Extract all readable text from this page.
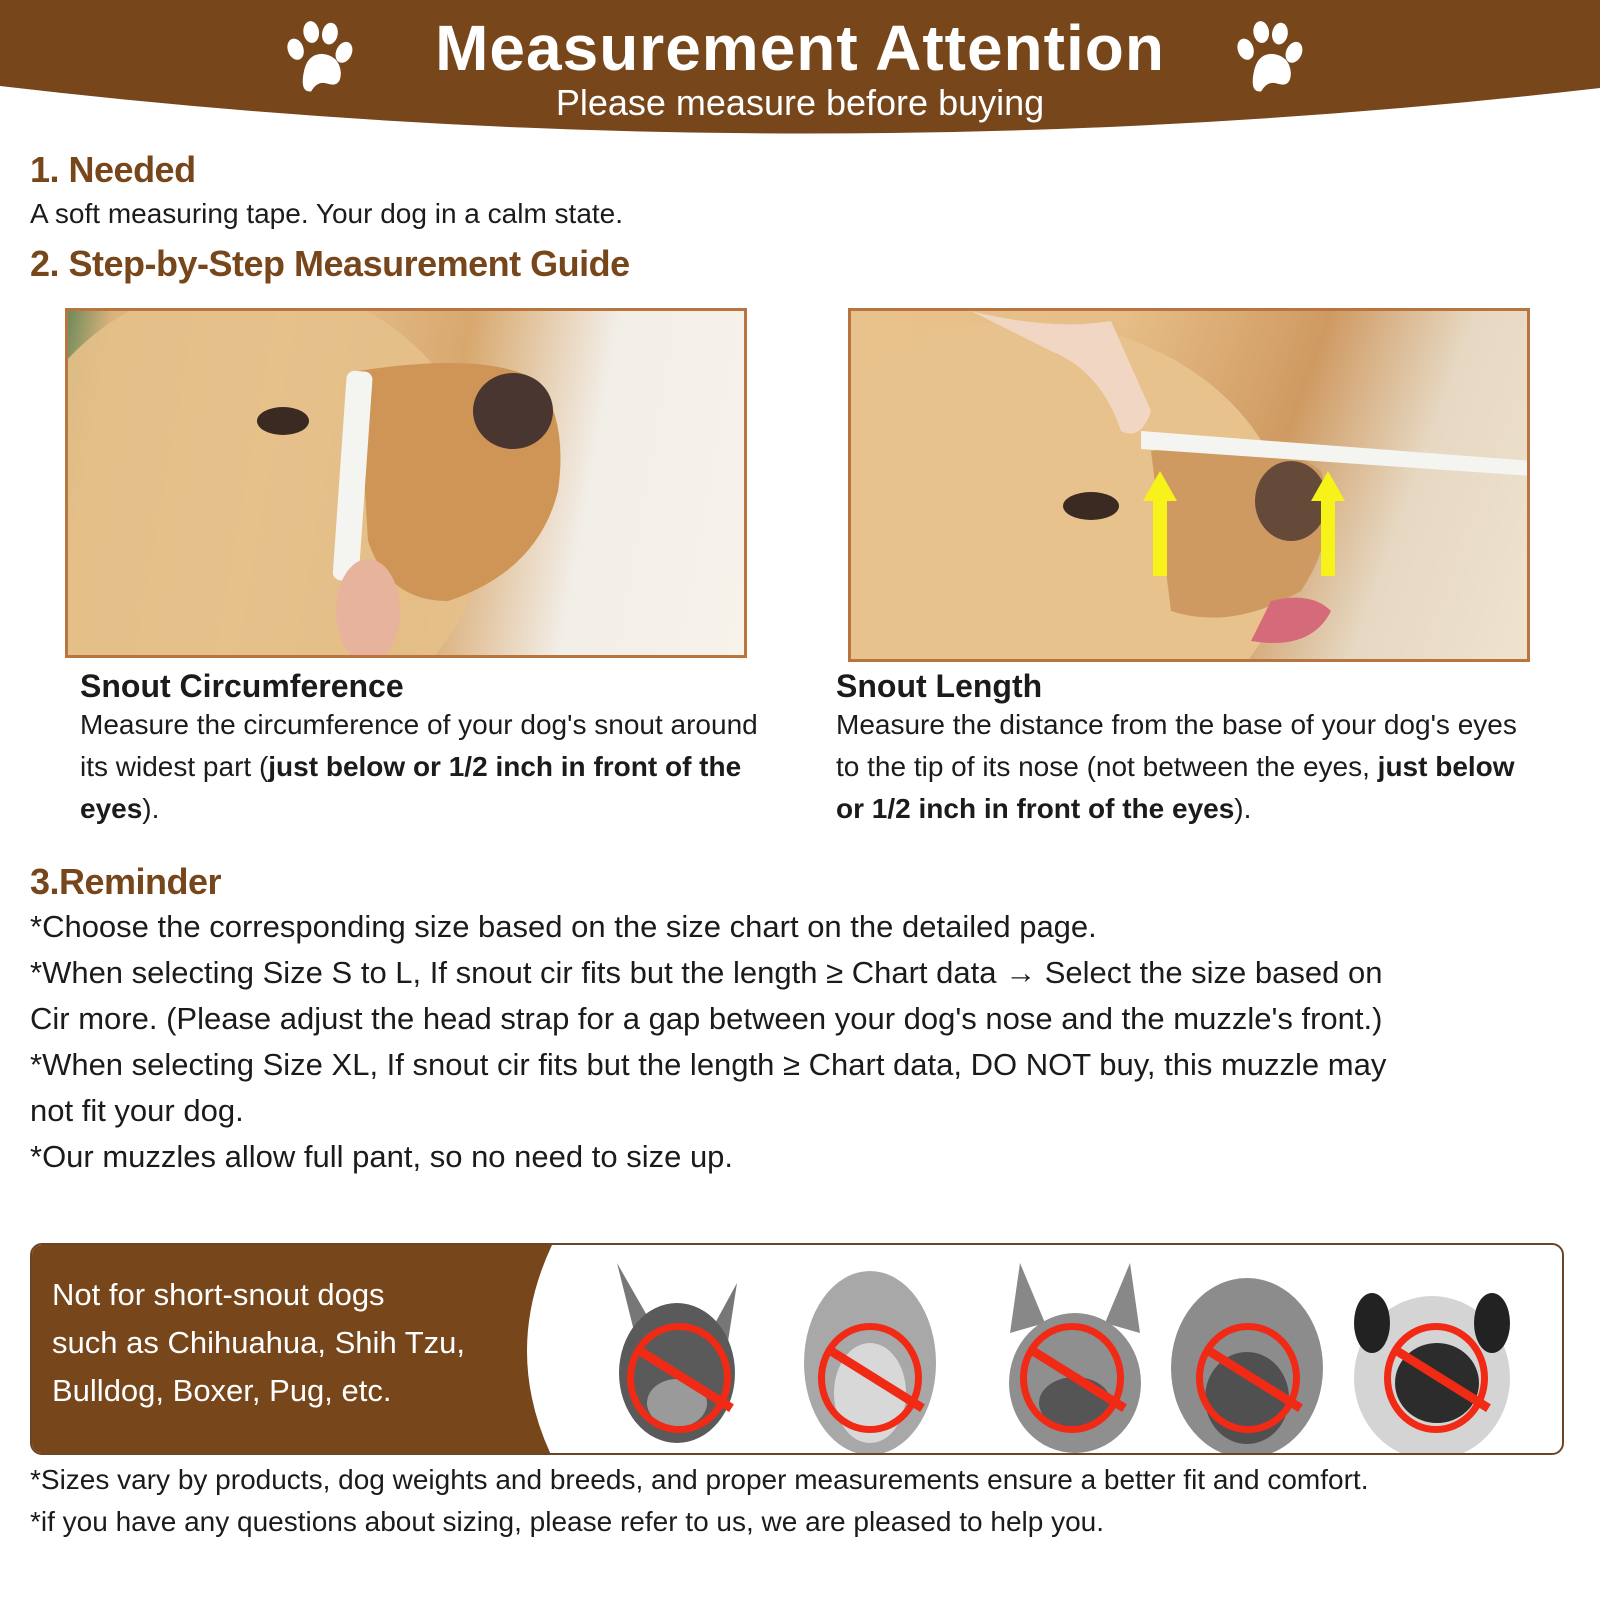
Measurement Attention
Please measure before buying
1. Needed
A soft measuring tape. Your dog in a calm state.
2. Step-by-Step Measurement Guide
Snout Circumference
Measure the circumference of your dog's snout around its widest part (just below or 1/2 inch in front of the eyes).
Snout Length
Measure the distance from the base of your dog's eyes to the tip of its nose (not between the eyes, just below or 1/2 inch in front of the eyes).
3.Reminder
*Choose the corresponding size based on the size chart on the detailed page.
*When selecting Size S to L, If snout cir fits but the length ≥ Chart data → Select the size based on
Cir more. (Please adjust the head strap for a gap between your dog's nose and the muzzle's front.)
*When selecting Size XL, If snout cir fits but the length ≥ Chart data, DO NOT buy, this muzzle may
not fit your dog.
*Our muzzles allow full pant, so no need to size up.
Not for short-snout dogs
such as Chihuahua, Shih Tzu,
Bulldog, Boxer, Pug, etc.
*Sizes vary by products, dog weights and breeds, and proper measurements ensure a better fit and comfort.
*if you have any questions about sizing, please refer to us, we are pleased to help you.
